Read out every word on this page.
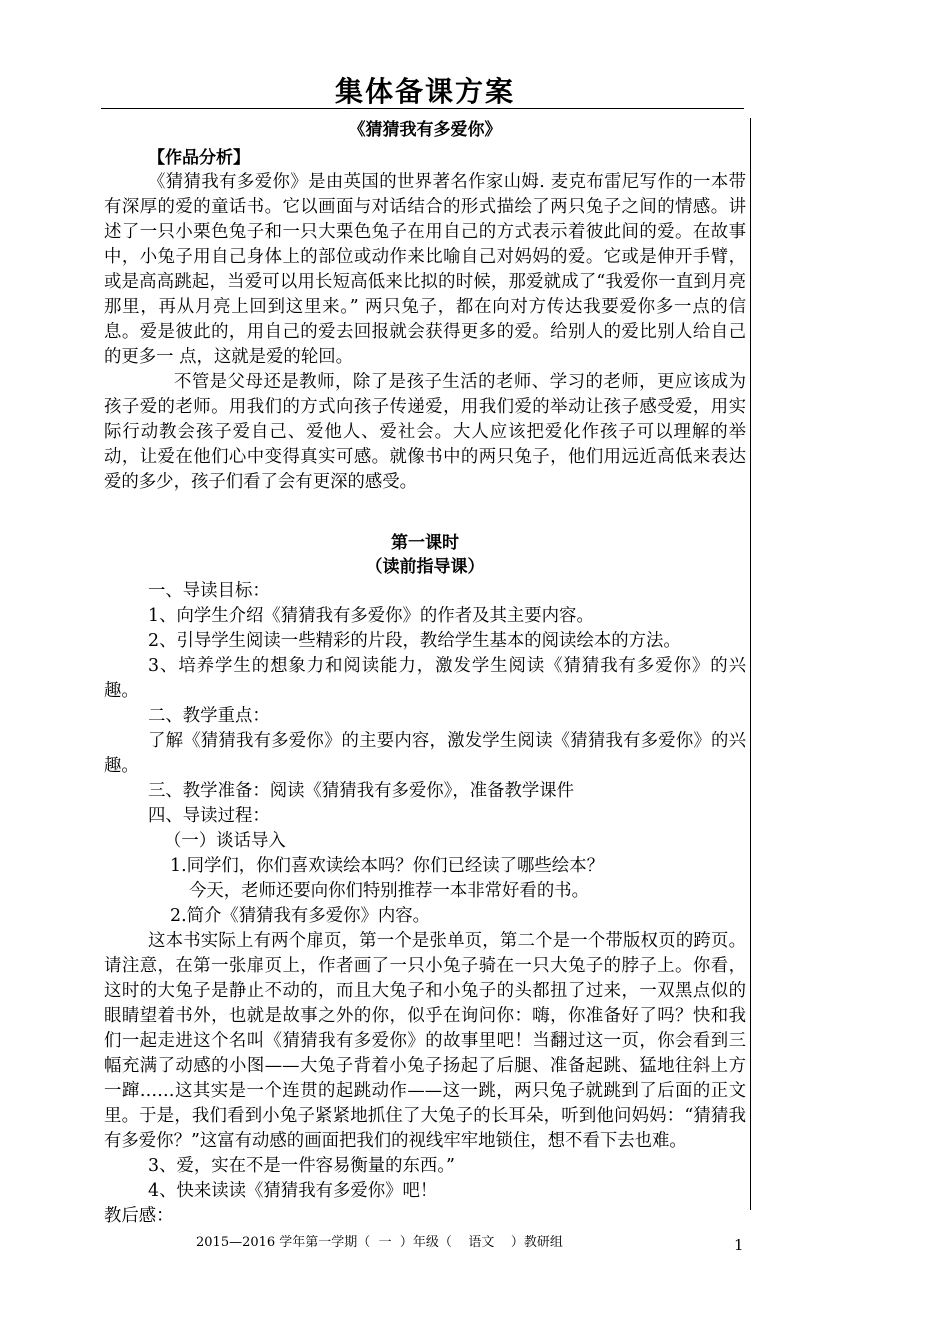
集体备课方案

《猜猜我有多爱你》

【作品分析】

《猜猜我有多爱你》是由英国的世界著名作家山姆. 麦克布雷尼写作的一本带有深厚的爱的童话书。它以画面与对话结合的形式描绘了两只兔子之间的情感。讲述了一只小栗色兔子和一只大栗色兔子在用自己的方式表示着彼此间的爱。在故事中，小兔子用自己身体上的部位或动作来比喻自己对妈妈的爱。它或是伸开手臂，或是高高跳起，当爱可以用长短高低来比拟的时候，那爱就成了“我爱你一直到月亮那里，再从月亮上回到这里来。” 两只兔子，都在向对方传达我要爱你多一点的信息。爱是彼此的，用自己的爱去回报就会获得更多的爱。给别人的爱比别人给自己的更多一 点，这就是爱的轮回。

不管是父母还是教师，除了是孩子生活的老师、学习的老师，更应该成为孩子爱的老师。用我们的方式向孩子传递爱，用我们爱的举动让孩子感受爱，用实际行动教会孩子爱自己、爱他人、爱社会。大人应该把爱化作孩子可以理解的举动，让爱在他们心中变得真实可感。就像书中的两只兔子，他们用远近高低来表达爱的多少，孩子们看了会有更深的感受。

第一课时

（读前指导课）

一、导读目标：

1、向学生介绍《猜猜我有多爱你》的作者及其主要内容。

2、引导学生阅读一些精彩的片段，教给学生基本的阅读绘本的方法。

3、培养学生的想象力和阅读能力，激发学生阅读《猜猜我有多爱你》的兴趣。

二、教学重点：

了解《猜猜我有多爱你》的主要内容，激发学生阅读《猜猜我有多爱你》的兴趣。

三、教学准备：阅读《猜猜我有多爱你》，准备教学课件

四、导读过程：

（一）谈话导入

1.同学们，你们喜欢读绘本吗？你们已经读了哪些绘本？

今天，老师还要向你们特别推荐一本非常好看的书。

2.简介《猜猜我有多爱你》内容。

这本书实际上有两个扉页，第一个是张单页，第二个是一个带版权页的跨页。请注意，在第一张扉页上，作者画了一只小兔子骑在一只大兔子的脖子上。你看，这时的大兔子是静止不动的，而且大兔子和小兔子的头都扭了过来，一双黑点似的眼睛望着书外，也就是故事之外的你，似乎在询问你：嗨，你准备好了吗？快和我们一起走进这个名叫《猜猜我有多爱你》的故事里吧！当翻过这一页，你会看到三幅充满了动感的小图——大兔子背着小兔子扬起了后腿、准备起跳、猛地往斜上方一蹿……这其实是一个连贯的起跳动作——这一跳，两只兔子就跳到了后面的正文里。于是，我们看到小兔子紧紧地抓住了大兔子的长耳朵，听到他问妈妈：“猜猜我有多爱你？”这富有动感的画面把我们的视线牢牢地锁住，想不看下去也难。

3、爱，实在不是一件容易衡量的东西。”

4、快来读读《猜猜我有多爱你》吧！

教后感：

2015—2016 学年第一学期（  一  ）年级（    语文    ）教研组	1
